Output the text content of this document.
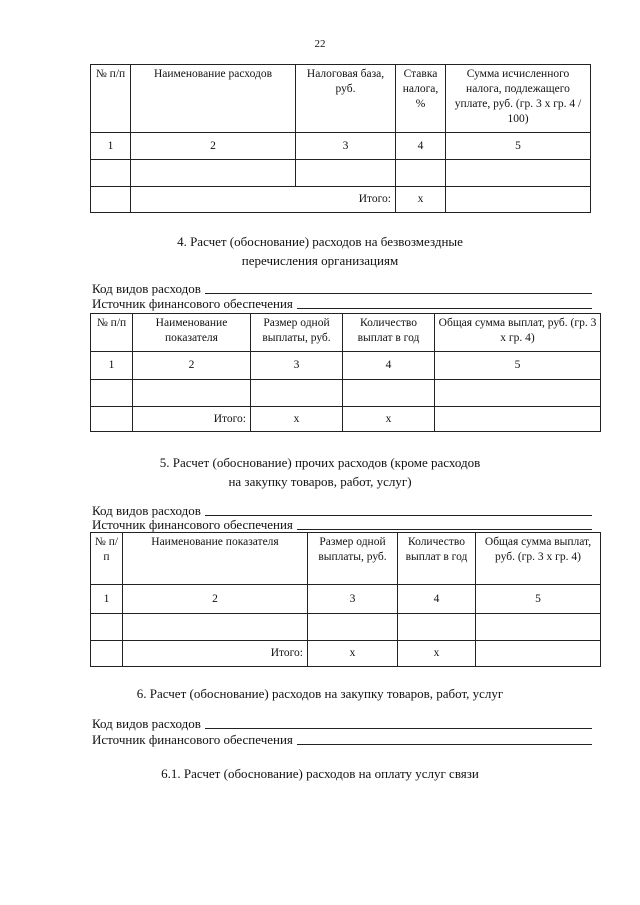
22
№ п/п	Наименование расходов	Налоговая база, руб.	Ставка налога, %	Сумма исчисленного налога, подлежащего уплате, руб. (гр. 3 х гр. 4 / 100)
1	2	3	4	5

	Итого:		х	
4. Расчет (обоснование) расходов на безвозмездные
перечисления организациям
Код видов расходов
Источник финансового обеспечения
№ п/п	Наименование показателя	Размер одной выплаты, руб.	Количество выплат в год	Общая сумма выплат, руб. (гр. 3 х гр. 4)
1	2	3	4	5

	Итого:	х	х	
5. Расчет (обоснование) прочих расходов (кроме расходов
на закупку товаров, работ, услуг)
Код видов расходов
Источник финансового обеспечения
№ п/п	Наименование показателя	Размер одной выплаты, руб.	Количество выплат в год	Общая сумма выплат, руб. (гр. 3 х гр. 4)
1	2	3	4	5

	Итого:	х	х	
6. Расчет (обоснование) расходов на закупку товаров, работ, услуг
Код видов расходов
Источник финансового обеспечения
6.1. Расчет (обоснование) расходов на оплату услуг связи
